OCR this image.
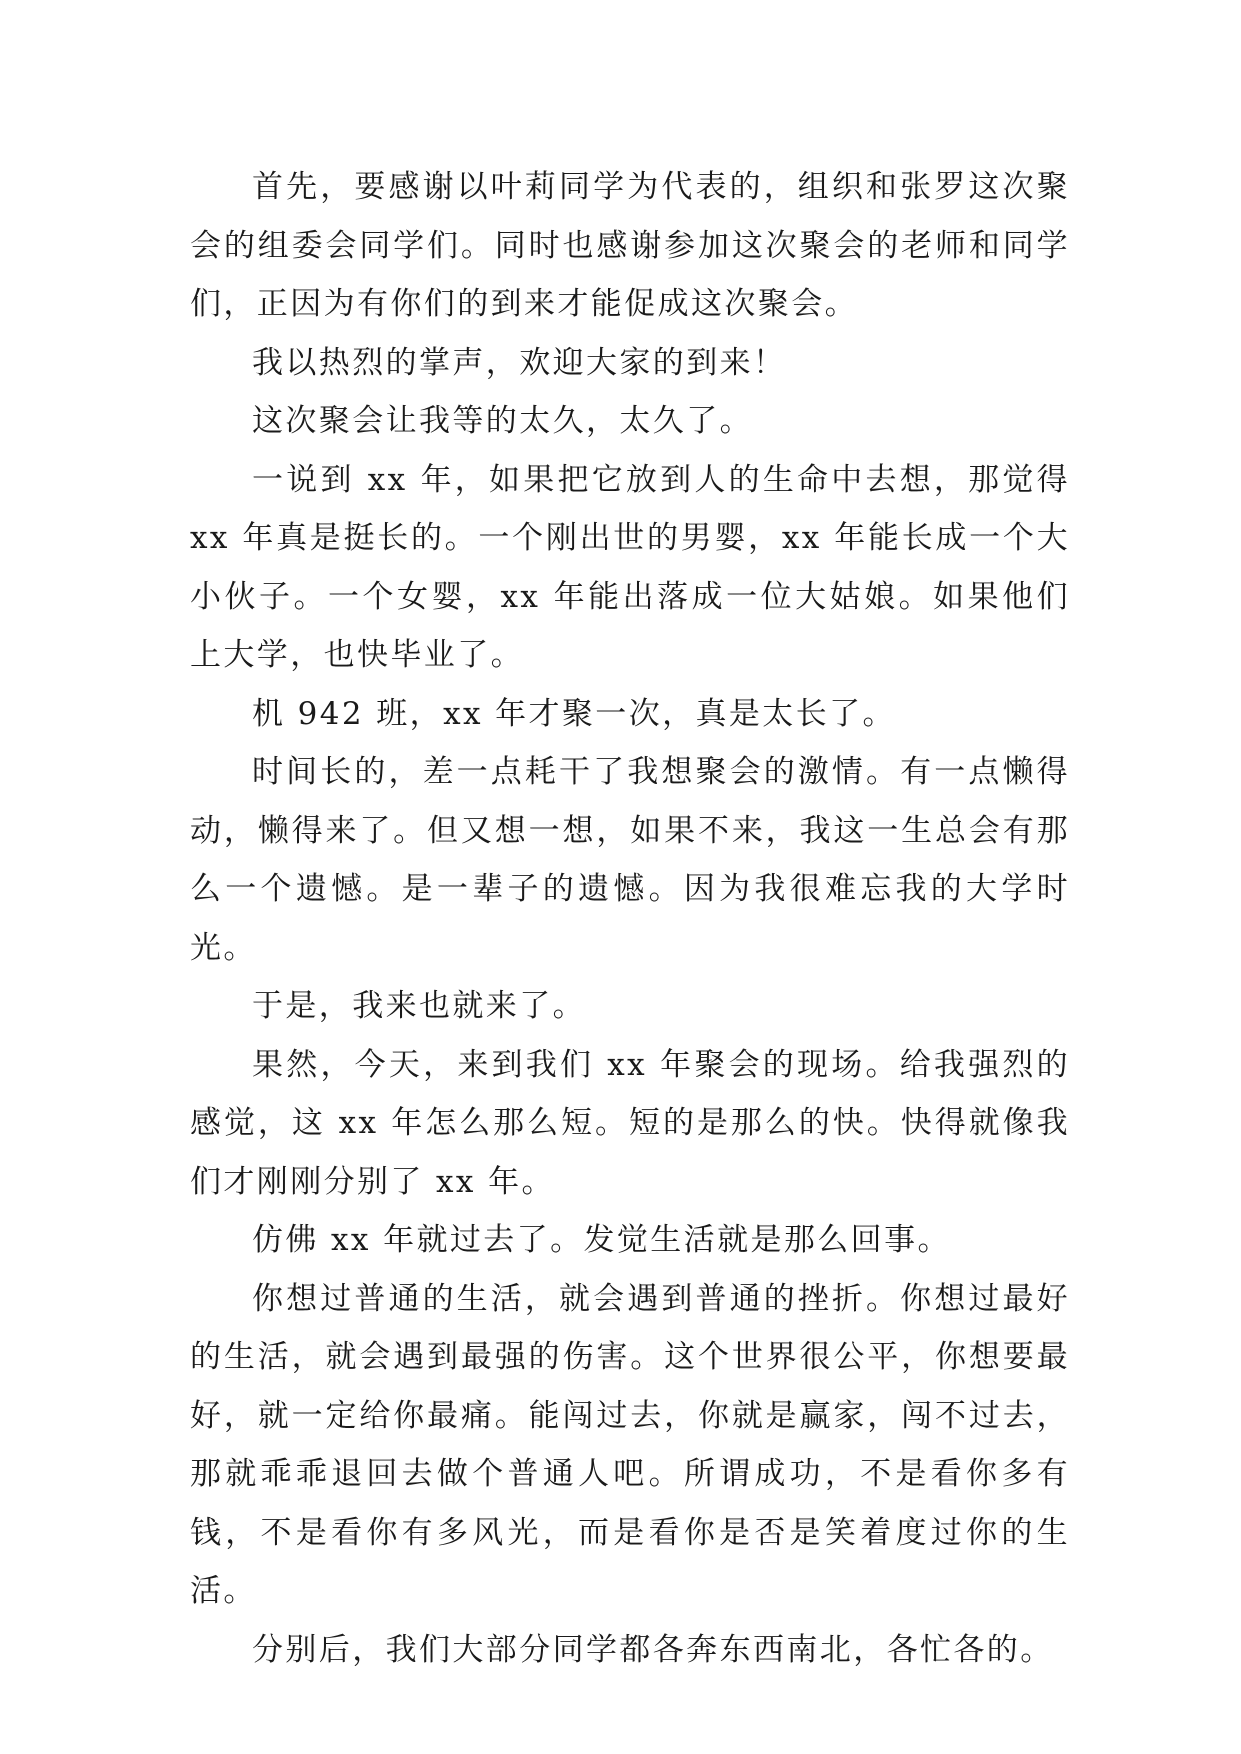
首先，要感谢以叶莉同学为代表的，组织和张罗这次聚会的组委会同学们。同时也感谢参加这次聚会的老师和同学们，正因为有你们的到来才能促成这次聚会。

我以热烈的掌声，欢迎大家的到来！

这次聚会让我等的太久，太久了。

一说到 xx 年，如果把它放到人的生命中去想，那觉得 xx 年真是挺长的。一个刚出世的男婴，xx 年能长成一个大小伙子。一个女婴，xx 年能出落成一位大姑娘。如果他们上大学，也快毕业了。

机 942 班，xx 年才聚一次，真是太长了。

时间长的，差一点耗干了我想聚会的激情。有一点懒得动，懒得来了。但又想一想，如果不来，我这一生总会有那么一个遗憾。是一辈子的遗憾。因为我很难忘我的大学时光。

于是，我来也就来了。

果然，今天，来到我们 xx 年聚会的现场。给我强烈的感觉，这 xx 年怎么那么短。短的是那么的快。快得就像我们才刚刚分别了 xx 年。

仿佛 xx 年就过去了。发觉生活就是那么回事。

你想过普通的生活，就会遇到普通的挫折。你想过最好的生活，就会遇到最强的伤害。这个世界很公平，你想要最好，就一定给你最痛。能闯过去，你就是赢家，闯不过去，那就乖乖退回去做个普通人吧。所谓成功，不是看你多有钱，不是看你有多风光，而是看你是否是笑着度过你的生活。

分别后，我们大部分同学都各奔东西南北，各忙各的。
